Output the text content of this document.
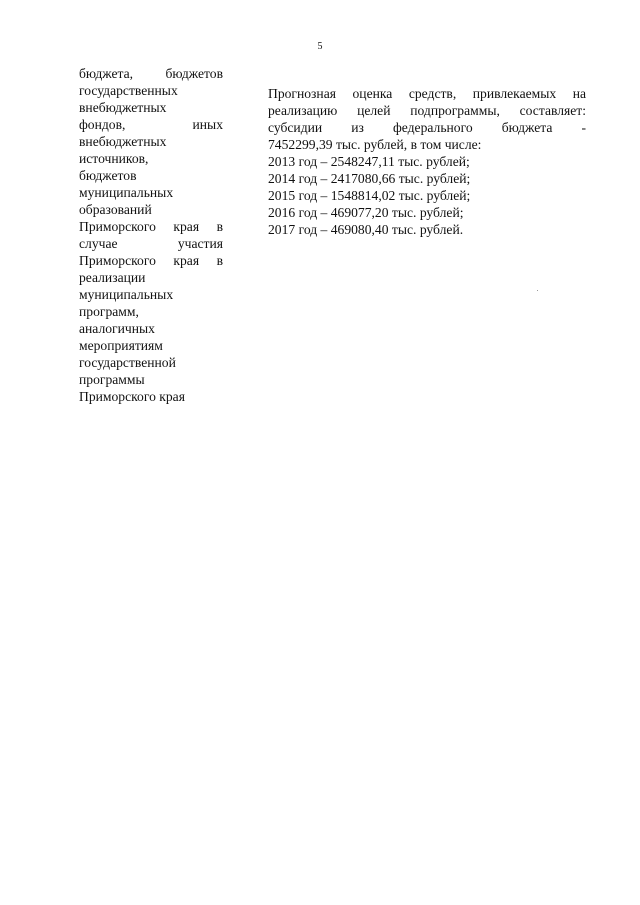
5
бюджета, бюджетов
государственных
внебюджетных
фондов, иных
внебюджетных
источников,
бюджетов
муниципальных
образований
Приморского края в
случае участия
Приморского края в
реализации
муниципальных
программ,
аналогичных
мероприятиям
государственной
программы
Приморского края
Прогнозная оценка средств, привлекаемых на
реализацию целей подпрограммы, составляет:
субсидии из федерального бюджета -
7452299,39 тыс. рублей, в том числе:
2013 год – 2548247,11 тыс. рублей;
2014 год – 2417080,66 тыс. рублей;
2015 год – 1548814,02 тыс. рублей;
2016 год – 469077,20 тыс. рублей;
2017 год – 469080,40 тыс. рублей.
